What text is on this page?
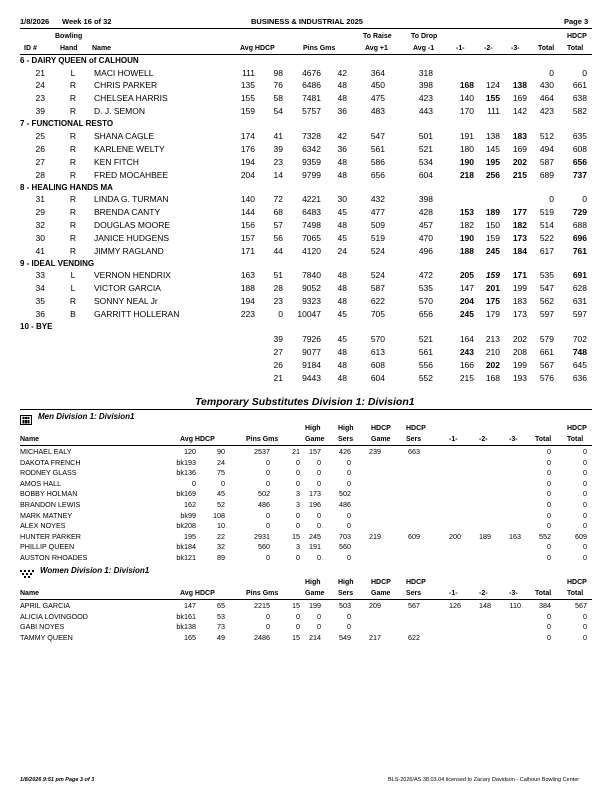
1/8/2026 Week 16 of 32	BUSINESS & INDUSTRIAL 2025	Page 3
Bowling	To Raise	To Drop	HDCP
ID #	Hand Name	Avg HDCP	Pins Gms	Avg +1	Avg -1	-1-	-2-	-3-	Total Total
6 - DAIRY QUEEN of CALHOUN
21	L	MACI HOWELL	111 98 4676 42	364	318	0	0
24	R	CHRIS PARKER	135 76 6486 48	450	398	168 124 138 430 661
23	R	CHELSEA HARRIS	155 58 7481 48	475	423	140 155 169 464 638
39	R	D. J. SEMON	159 54 5757 36	483	443	170 111 142 423 582
7 - FUNCTIONAL RESTO
25	R	SHANA CAGLE	174 41 7328 42	547	501	191 138 183 512 635
26	R	KARLENE WELTY	176 39 6342 36	561	521	180 145 169 494 608
27	R	KEN FITCH	194 23 9359 48	586	534	190 195 202 587 656
28	R	FRED MOCAHBEE	204 14 9799 48	656	604	218 256 215 689 737
8 - HEALING HANDS MA
31	R	LINDA G. TURMAN	140 72 4221 30	432	398	0	0
29	R	BRENDA CANTY	144 68 6483 45	477	428	153 189 177 519 729
32	R	DOUGLAS MOORE	156 57 7498 48	509	457	182 150 182 514 688
30	R	JANICE HUDGENS	157 56 7065 45	519	470	190 159 173 522 696
41	R	JIMMY RAGLAND	171 44 4120 24	524	496	188 245 184 617 761
9 - IDEAL VENDING
33	L	VERNON HENDRIX	163 51 7840 48	524	472	205 159 171 535 691
34	L	VICTOR GARCIA	188 28 9052 48	587	535	147 201 199 547 628
35	R	SONNY NEAL Jr	194 23 9323 48	622	570	204 175 183 562 631
36	B	GARRITT HOLLERAN	223	0 10047 45	705	656	245 179 173 597 597
10 - BYE
39 7926 45	570	521	164 213 202 579 702
27 9077 48	613	561	243 210 208 661 748
26 9184 48	608	556	166 202 199 567 645
21 9443 48	604	552	215 168 193 576 636
Temporary Substitutes Division 1: Division1
Men Division 1: Division1
High High HDCP HDCP	HDCP
Name	Avg HDCP	Pins Gms	Game Sers	Game Sers	-1-	-2-	-3- Total Total
MICHAEL EALY	120	90	2537	21 157	426	239	663	0	0
DAKOTA FRENCH	bk193	24	0	0 0	0	0	0
RODNEY GLASS	bk136	75	0	0 0	0	0	0
AMOS HALL	0	0	0	0 0	0	0	0
BOBBY HOLMAN	bk169	45	502	3 173	502	0	0
BRANDON LEWIS	162	52	486	3 196	486	0	0
MARK MATNEY	bk99 108	0	0 0	0	0	0
ALEX NOYES	bk208	10	0	0 0	0	0	0
HUNTER PARKER	195	22	2931	15 245	703	219	609	200	189	163	552	609
PHILLIP QUEEN	bk184	32	560	3 191	560	0	0
AUSTON RHOADES	bk121	89	0	0 0	0	0	0
Women Division 1: Division1
High High HDCP HDCP	HDCP
Name	Avg HDCP	Pins Gms	Game Sers	Game Sers	-1-	-2-	-3- Total Total
APRIL GARCIA	147	65	2215	15 199	503	209	567	126	148	110	384	567
ALICIA LOVINGOOD	bk161	53	0	0 0	0	0	0
GABI NOYES	bk138	73	0	0 0	0	0	0
TAMMY QUEEN	165	49	2486	15 214	549	217	622	0	0
1/8/2026 9:51 pm Page 3 of 3	BLS-2026/AS 38.03.04 licensed to Zacary Davidson - Calhoun Bowling Center
